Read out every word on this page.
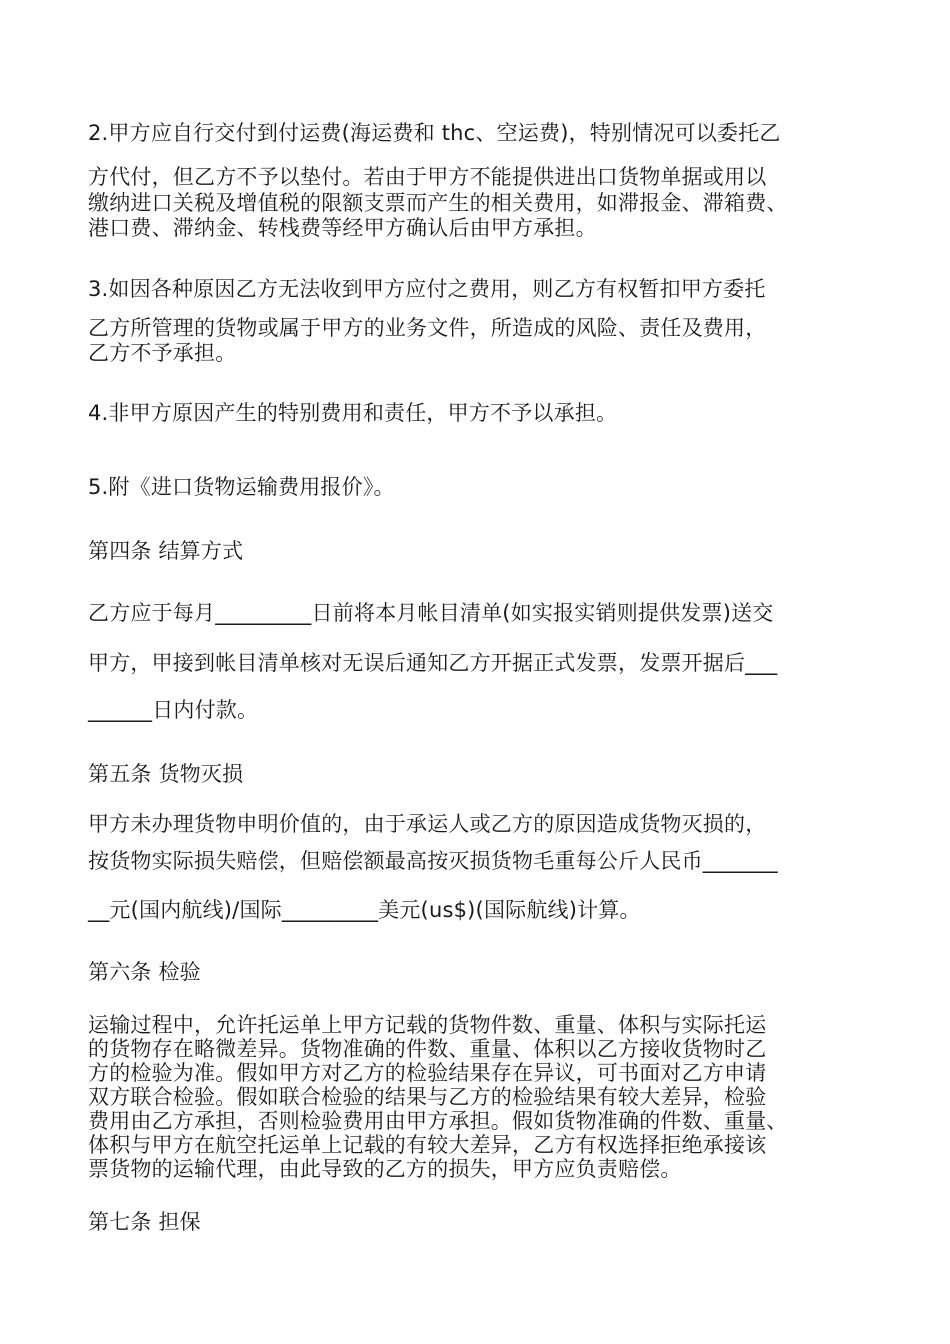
2.甲方应自行交付到付运费(海运费和 thc、空运费)，特别情况可以委托乙
方代付，但乙方不予以垫付。若由于甲方不能提供进出口货物单据或用以
缴纳进口关税及增值税的限额支票而产生的相关费用，如滞报金、滞箱费、
港口费、滞纳金、转栈费等经甲方确认后由甲方承担。
3.如因各种原因乙方无法收到甲方应付之费用，则乙方有权暂扣甲方委托
乙方所管理的货物或属于甲方的业务文件，所造成的风险、责任及费用，
乙方不予承担。
4.非甲方原因产生的特别费用和责任，甲方不予以承担。
5.附《进口货物运输费用报价》。
第四条 结算方式
乙方应于每月_________日前将本月帐目清单(如实报实销则提供发票)送交
甲方，甲接到帐目清单核对无误后通知乙方开据正式发票，发票开据后___
______日内付款。
第五条 货物灭损
甲方未办理货物申明价值的，由于承运人或乙方的原因造成货物灭损的，
按货物实际损失赔偿，但赔偿额最高按灭损货物毛重每公斤人民币_______
__元(国内航线)/国际_________美元(us$)(国际航线)计算。
第六条 检验
运输过程中，允许托运单上甲方记载的货物件数、重量、体积与实际托运
的货物存在略微差异。货物准确的件数、重量、体积以乙方接收货物时乙
方的检验为准。假如甲方对乙方的检验结果存在异议，可书面对乙方申请
双方联合检验。假如联合检验的结果与乙方的检验结果有较大差异，检验
费用由乙方承担，否则检验费用由甲方承担。假如货物准确的件数、重量、
体积与甲方在航空托运单上记载的有较大差异，乙方有权选择拒绝承接该
票货物的运输代理，由此导致的乙方的损失，甲方应负责赔偿。
第七条 担保
